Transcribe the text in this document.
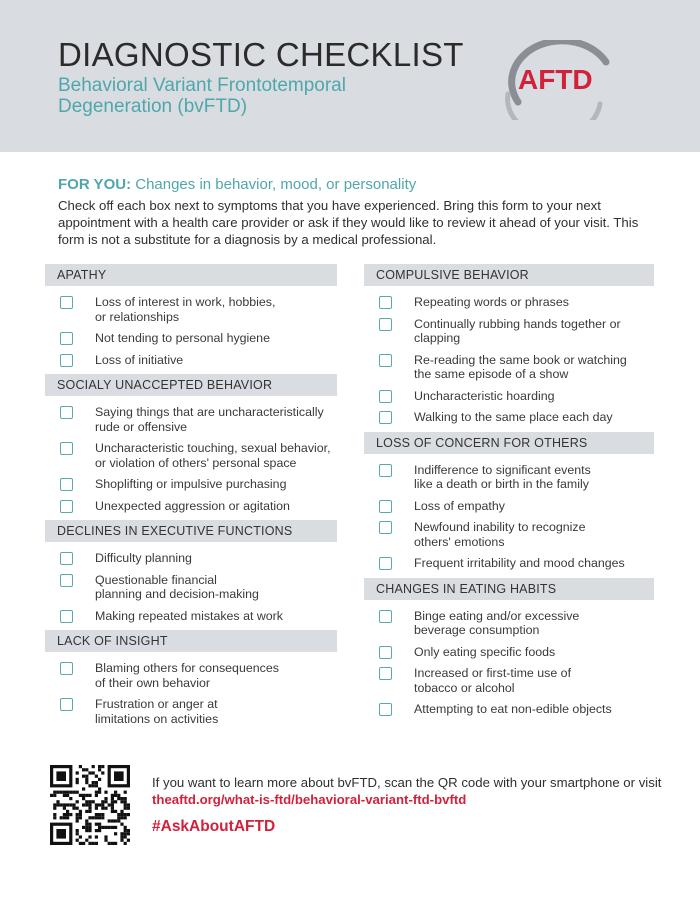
DIAGNOSTIC CHECKLIST
Behavioral Variant Frontotemporal Degeneration (bvFTD)
AFTD
FOR YOU: Changes in behavior, mood, or personality
Check off each box next to symptoms that you have experienced. Bring this form to your next appointment with a health care provider or ask if they would like to review it ahead of your visit. This form is not a substitute for a diagnosis by a medical professional.
APATHY
Loss of interest in work, hobbies,
or relationships
Not tending to personal hygiene
Loss of initiative
SOCIALY UNACCEPTED BEHAVIOR
Saying things that are uncharacteristically
rude or offensive
Uncharacteristic touching, sexual behavior,
or violation of others' personal space
Shoplifting or impulsive purchasing
Unexpected aggression or agitation
DECLINES IN EXECUTIVE FUNCTIONS
Difficulty planning
Questionable financial
planning and decision-making
Making repeated mistakes at work
LACK OF INSIGHT
Blaming others for consequences
of their own behavior
Frustration or anger at
limitations on activities
COMPULSIVE BEHAVIOR
Repeating words or phrases
Continually rubbing hands together or clapping
Re-reading the same book or watching
the same episode of a show
Uncharacteristic hoarding
Walking to the same place each day
LOSS OF CONCERN FOR OTHERS
Indifference to significant events
like a death or birth in the family
Loss of empathy
Newfound inability to recognize
others' emotions
Frequent irritability and mood changes
CHANGES IN EATING HABITS
Binge eating and/or excessive
beverage consumption
Only eating specific foods
Increased or first-time use of
tobacco or alcohol
Attempting to eat non-edible objects
If you want to learn more about bvFTD, scan the QR code with your smartphone or visit theaftd.org/what-is-ftd/behavioral-variant-ftd-bvftd
#AskAboutAFTD
